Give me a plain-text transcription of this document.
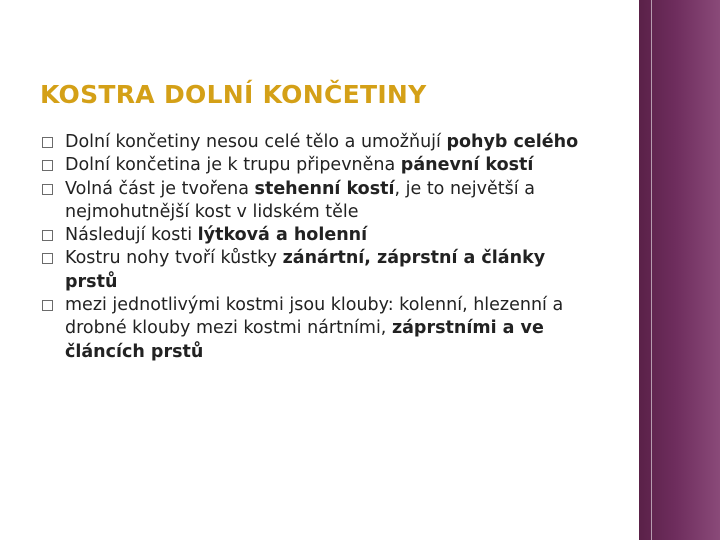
KOSTRA DOLNÍ KONČETINY
Dolní končetiny nesou celé tělo a umožňují pohyb celého
Dolní končetina je k trupu připevněna pánevní kostí
Volná část je tvořena stehenní kostí, je to největší a nejmohutnější kost v lidském těle
Následují kosti lýtková a holenní
Kostru nohy tvoří kůstky zánártní, záprstní a články prstů
mezi jednotlivými kostmi jsou klouby: kolenní, hlezenní a drobné klouby mezi kostmi nártními, záprstními a ve článcích prstů
